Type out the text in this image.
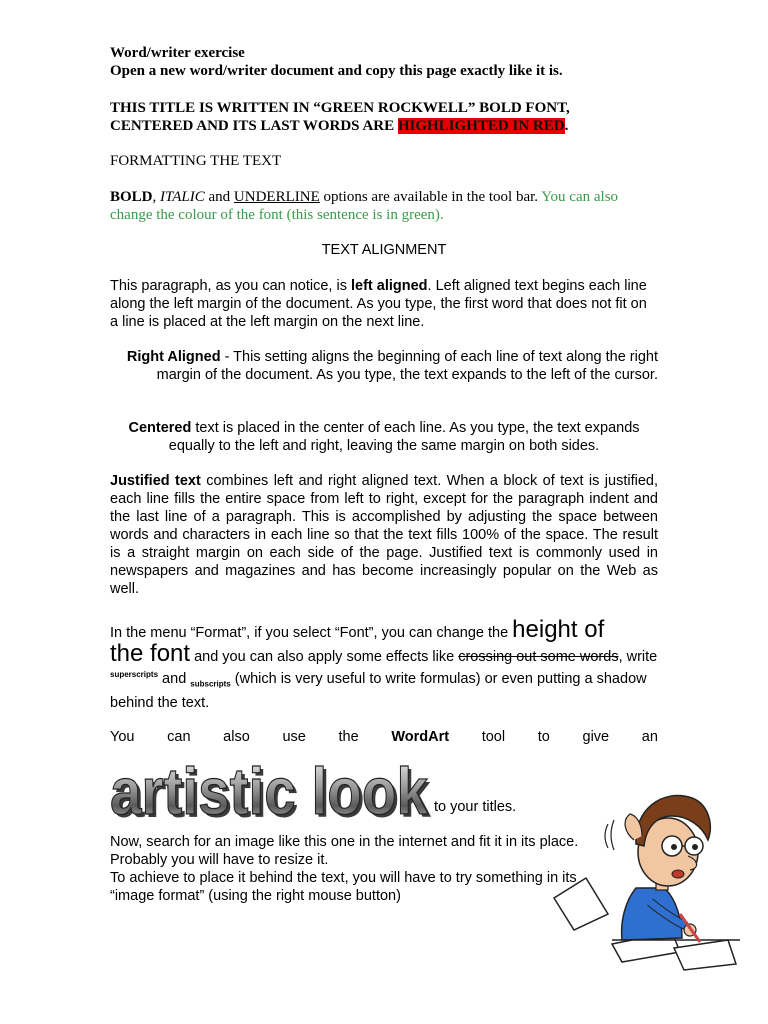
Word/writer exercise
Open a new word/writer document and copy this page exactly like it is.
THIS TITLE IS WRITTEN IN “GREEN ROCKWELL” BOLD FONT,
CENTERED AND ITS LAST WORDS ARE HIGHLIGHTED IN RED.
FORMATTING THE TEXT
BOLD, ITALIC and UNDERLINE options are available in the tool bar. You can also change the colour of the font (this sentence is in green).
TEXT ALIGNMENT
This paragraph, as you can notice, is left aligned. Left aligned text begins each line along the left margin of the document. As you type, the first word that does not fit on a line is placed at the left margin on the next line.
Right Aligned - This setting aligns the beginning of each line of text along the right margin of the document. As you type, the text expands to the left of the cursor.
Centered text is placed in the center of each line. As you type, the text expands equally to the left and right, leaving the same margin on both sides.
Justified text combines left and right aligned text. When a block of text is justified, each line fills the entire space from left to right, except for the paragraph indent and the last line of a paragraph. This is accomplished by adjusting the space between words and characters in each line so that the text fills 100% of the space. The result is a straight margin on each side of the page. Justified text is commonly used in newspapers and magazines and has become increasingly popular on the Web as well.
In the menu “Format”, if you select “Font”, you can change the height of
the font and you can also apply some effects like crossing out some words, write $^{superscripts}$ and $_{subscripts}$ (which is very useful to write formulas) or even putting a shadow behind the text.
You can also use the WordArt tool to give an
artistic look
artistic look to your titles.
Now, search for an image like this one in the internet and fit it in its place.
Probably you will have to resize it.
To achieve to place it behind the text, you will have to try something in its
“image format” (using the right mouse button)
